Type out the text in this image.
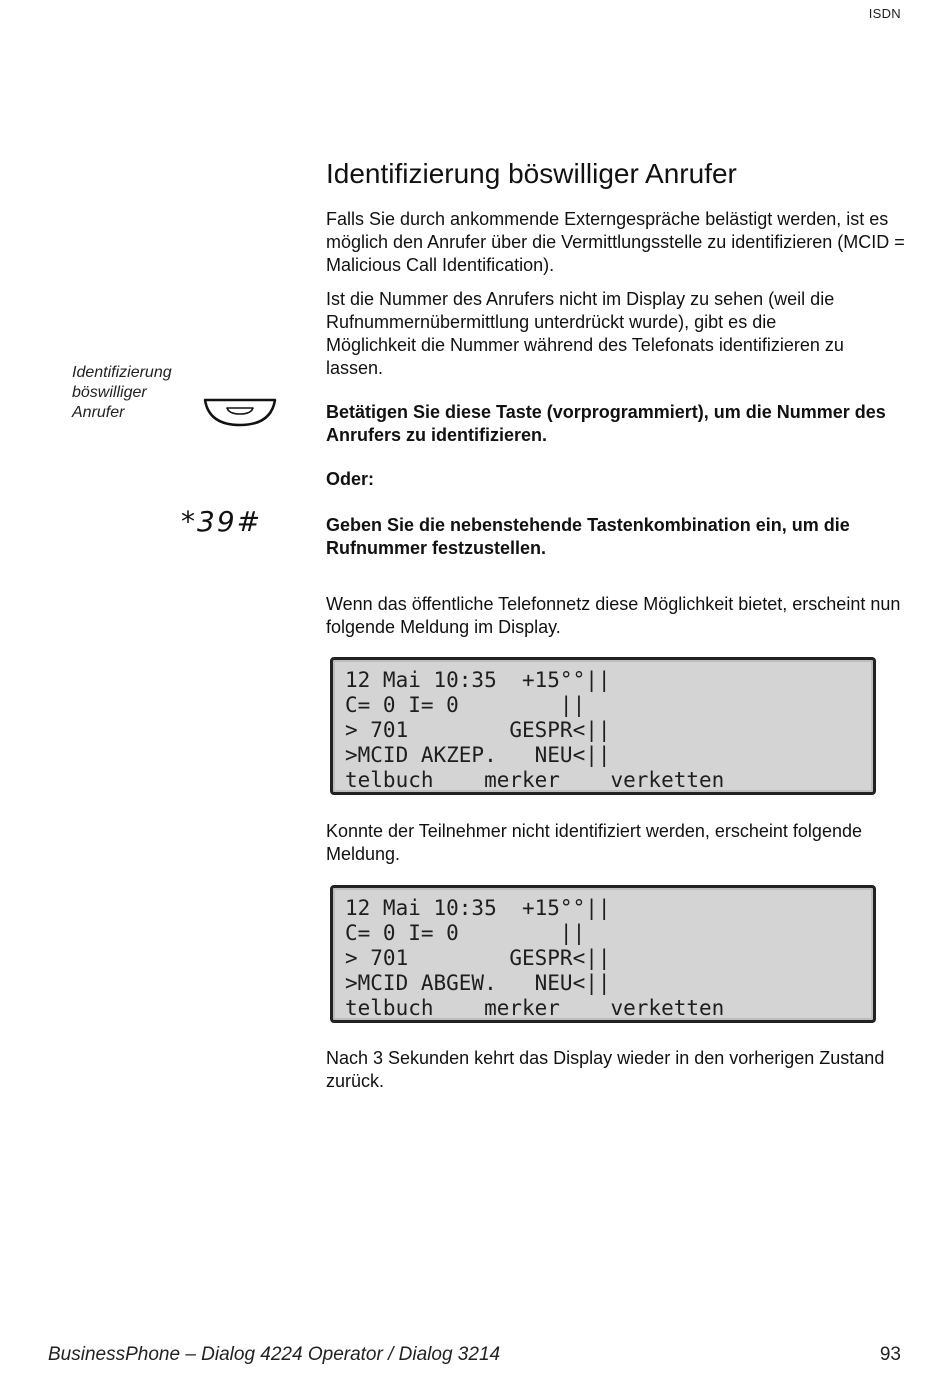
ISDN
Identifizierung böswilliger Anrufer

Falls Sie durch ankommende Externgespräche belästigt werden, ist es möglich den Anrufer über die Vermittlungsstelle zu identifizieren (MCID = Malicious Call Identification).

Ist die Nummer des Anrufers nicht im Display zu sehen (weil die Rufnummernübermittlung unterdrückt wurde), gibt es die Möglichkeit die Nummer während des Telefonats identifizieren zu lassen.

Identifizierung
böswilliger
Anrufer	Betätigen Sie diese Taste (vorprogrammiert), um die Nummer des Anrufers zu identifizieren.

Oder:

*39#	Geben Sie die nebenstehende Tastenkombination ein, um die Rufnummer festzustellen.

Wenn das öffentliche Telefonnetz diese Möglichkeit bietet, erscheint nun folgende Meldung im Display.

12 Mai 10:35  +15°°||
C= 0 I= 0        ||
> 701        GESPR<||
>MCID AKZEP.   NEU<||
telbuch    merker    verketten

Konnte der Teilnehmer nicht identifiziert werden, erscheint folgende Meldung.

12 Mai 10:35  +15°°||
C= 0 I= 0        ||
> 701        GESPR<||
>MCID ABGEW.   NEU<||
telbuch    merker    verketten

Nach 3 Sekunden kehrt das Display wieder in den vorherigen Zustand zurück.

BusinessPhone – Dialog 4224 Operator / Dialog 3214	93
